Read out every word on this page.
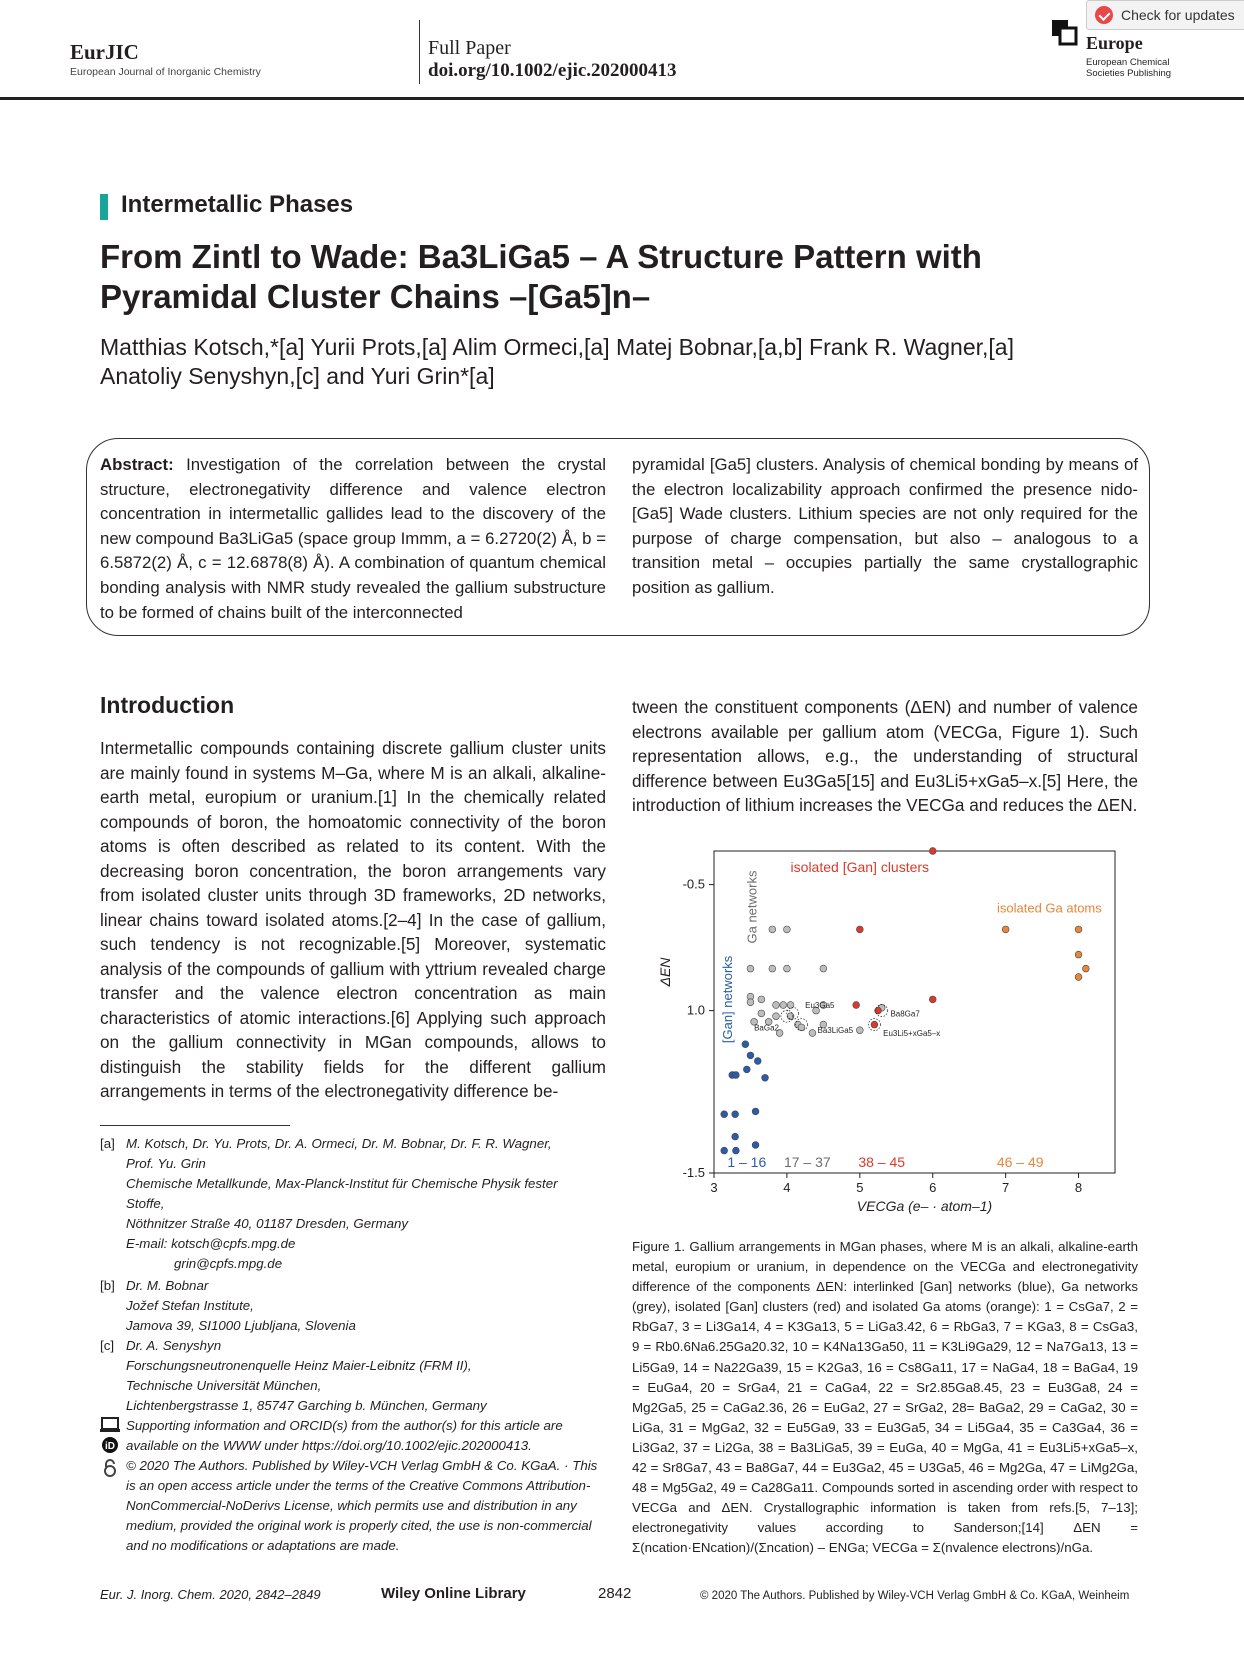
EurJIC
European Journal of Inorganic Chemistry
Full Paper
doi.org/10.1002/ejic.202000413
Europe
European Chemical
Societies Publishing
Check for updates
Intermetallic Phases
From Zintl to Wade: Ba3LiGa5 – A Structure Pattern with
Pyramidal Cluster Chains –[Ga5]n–
Matthias Kotsch,*[a] Yurii Prots,[a] Alim Ormeci,[a] Matej Bobnar,[a,b] Frank R. Wagner,[a]
Anatoliy Senyshyn,[c] and Yuri Grin*[a]
Abstract: Investigation of the correlation between the crystal structure, electronegativity difference and valence electron concentration in intermetallic gallides lead to the discovery of the new compound Ba3LiGa5 (space group Immm, a = 6.2720(2) Å, b = 6.5872(2) Å, c = 12.6878(8) Å). A combination of quantum chemical bonding analysis with NMR study revealed the gallium substructure to be formed of chains built of the interconnected
pyramidal [Ga5] clusters. Analysis of chemical bonding by means of the electron localizability approach confirmed the presence nido-[Ga5] Wade clusters. Lithium species are not only required for the purpose of charge compensation, but also – analogous to a transition metal – occupies partially the same crystallographic position as gallium.
Introduction
Intermetallic compounds containing discrete gallium cluster units are mainly found in systems M–Ga, where M is an alkali, alkaline-earth metal, europium or uranium.[1] In the chemically related compounds of boron, the homoatomic connectivity of the boron atoms is often described as related to its content. With the decreasing boron concentration, the boron arrangements vary from isolated cluster units through 3D frameworks, 2D networks, linear chains toward isolated atoms.[2–4] In the case of gallium, such tendency is not recognizable.[5] Moreover, systematic analysis of the compounds of gallium with yttrium revealed charge transfer and the valence electron concentration as main characteristics of atomic interactions.[6] Applying such approach on the gallium connectivity in MGan compounds, allows to distinguish the stability fields for the different gallium arrangements in terms of the electronegativity difference be-
tween the constituent components (ΔEN) and number of valence electrons available per gallium atom (VECGa, Figure 1). Such representation allows, e.g., the understanding of structural difference between Eu3Ga5[15] and Eu3Li5+xGa5–x.[5] Here, the introduction of lithium increases the VECGa and reduces the ΔEN.
3	4	5	6	7	8
-0.5
1.0
-1.5
VECGa (e– · atom–1)
ΔEN
isolated [Gan] clusters
isolated Ga atoms
Ga networks
[Gan] networks
1 – 16 17 – 37 38 – 45	46 – 49
Eu3Ga5
BaGa2	Ba3LiGa5
Ba8Ga7
Eu3Li5+xGa5–x
Figure 1. Gallium arrangements in MGan phases, where M is an alkali, alkaline-earth metal, europium or uranium, in dependence on the VECGa and electronegativity difference of the components ΔEN: interlinked [Gan] networks (blue), Ga networks (grey), isolated [Gan] clusters (red) and isolated Ga atoms (orange): 1 = CsGa7, 2 = RbGa7, 3 = Li3Ga14, 4 = K3Ga13, 5 = LiGa3.42, 6 = RbGa3, 7 = KGa3, 8 = CsGa3, 9 = Rb0.6Na6.25Ga20.32, 10 = K4Na13Ga50, 11 = K3Li9Ga29, 12 = Na7Ga13, 13 = Li5Ga9, 14 = Na22Ga39, 15 = K2Ga3, 16 = Cs8Ga11, 17 = NaGa4, 18 = BaGa4, 19 = EuGa4, 20 = SrGa4, 21 = CaGa4, 22 = Sr2.85Ga8.45, 23 = Eu3Ga8, 24 = Mg2Ga5, 25 = CaGa2.36, 26 = EuGa2, 27 = SrGa2, 28= BaGa2, 29 = CaGa2, 30 = LiGa, 31 = MgGa2, 32 = Eu5Ga9, 33 = Eu3Ga5, 34 = Li5Ga4, 35 = Ca3Ga4, 36 = Li3Ga2, 37 = Li2Ga, 38 = Ba3LiGa5, 39 = EuGa, 40 = MgGa, 41 = Eu3Li5+xGa5–x, 42 = Sr8Ga7, 43 = Ba8Ga7, 44 = Eu3Ga2, 45 = U3Ga5, 46 = Mg2Ga, 47 = LiMg2Ga, 48 = Mg5Ga2, 49 = Ca28Ga11. Compounds sorted in ascending order with respect to VECGa and ΔEN. Crystallographic information is taken from refs.[5, 7–13]; electronegativity values according to Sanderson;[14] ΔEN = Σ(ncation·ENcation)/(Σncation) – ENGa; VECGa = Σ(nvalence electrons)/nGa.
[a] M. Kotsch, Dr. Yu. Prots, Dr. A. Ormeci, Dr. M. Bobnar, Dr. F. R. Wagner,
Prof. Yu. Grin
Chemische Metallkunde, Max-Planck-Institut für Chemische Physik fester
Stoffe,
Nöthnitzer Straße 40, 01187 Dresden, Germany
E-mail: kotsch@cpfs.mpg.de
grin@cpfs.mpg.de
[b] Dr. M. Bobnar
Jožef Stefan Institute,
Jamova 39, SI1000 Ljubljana, Slovenia
[c] Dr. A. Senyshyn
Forschungsneutronenquelle Heinz Maier-Leibnitz (FRM II),
Technische Universität München,
Lichtenbergstrasse 1, 85747 Garching b. München, Germany
iD
Supporting information and ORCID(s) from the author(s) for this article are available on the WWW under https://doi.org/10.1002/ejic.202000413.
© 2020 The Authors. Published by Wiley-VCH Verlag GmbH & Co. KGaA. · This is an open access article under the terms of the Creative Commons Attribution-NonCommercial-NoDerivs License, which permits use and distribution in any medium, provided the original work is properly cited, the use is non-commercial and no modifications or adaptations are made.
Eur. J. Inorg. Chem. 2020, 2842–2849	Wiley Online Library	2842	© 2020 The Authors. Published by Wiley-VCH Verlag GmbH & Co. KGaA, Weinheim
